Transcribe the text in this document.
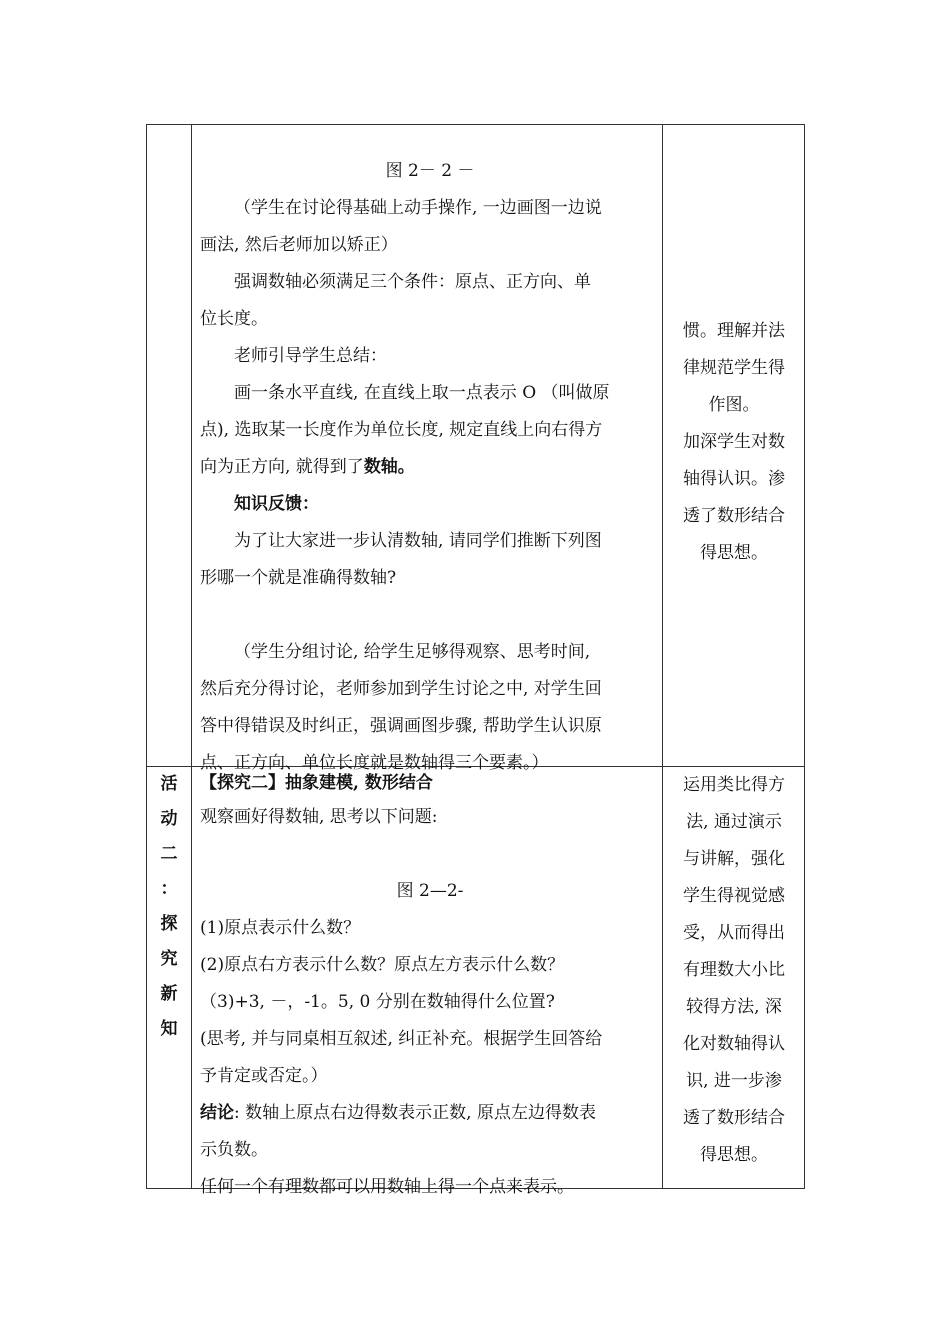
图 2－ 2 －
（学生在讨论得基础上动手操作, 一边画图一边说
画法, 然后老师加以矫正）
强调数轴必须满足三个条件：原点、正方向、单
位长度。
老师引导学生总结：
画一条水平直线, 在直线上取一点表示 O （叫做原
点), 选取某一长度作为单位长度, 规定直线上向右得方
向为正方向, 就得到了数轴。
知识反馈：
为了让大家进一步认清数轴, 请同学们推断下列图
形哪一个就是准确得数轴?

（学生分组讨论, 给学生足够得观察、思考时间,
然后充分得讨论，老师参加到学生讨论之中, 对学生回
答中得错误及时纠正，强调画图步骤, 帮助学生认识原
点、正方向、单位长度就是数轴得三个要素。）
惯。理解并法
律规范学生得
作图。
加深学生对数
轴得认识。渗
透了数形结合
得思想。
活
动
二
：
探
究
新
知
【探究二】抽象建模, 数形结合
观察画好得数轴, 思考以下问题:

图 2—2-
(1)原点表示什么数？
(2)原点右方表示什么数？原点左方表示什么数？
（3)+3, －，-1。5, 0 分别在数轴得什么位置?
(思考, 并与同桌相互叙述, 纠正补充。根据学生回答给
予肯定或否定。）
结论: 数轴上原点右边得数表示正数, 原点左边得数表
示负数。
任何一个有理数都可以用数轴上得一个点来表示。
运用类比得方
法, 通过演示
与讲解，强化
学生得视觉感
受，从而得出
有理数大小比
较得方法, 深
化对数轴得认
识, 进一步渗
透了数形结合
得思想。
